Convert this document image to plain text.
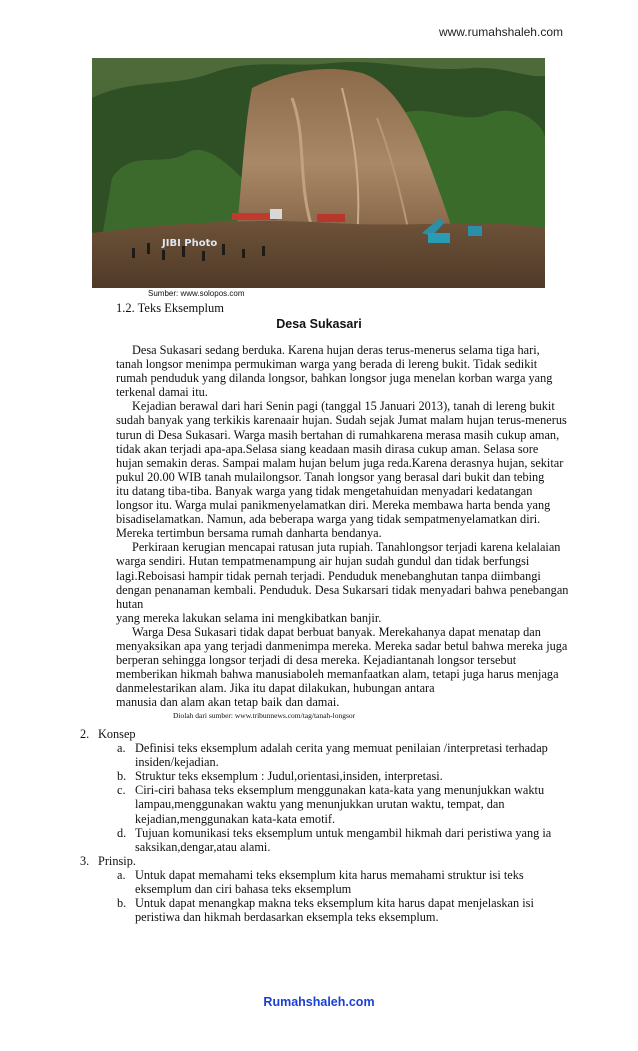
www.rumahshaleh.com
JIBI Photo
Sumber: www.solopos.com
1.2. Teks Eksemplum
Desa Sukasari
Desa Sukasari sedang berduka. Karena hujan deras terus-menerus selama tiga hari,
tanah longsor menimpa permukiman warga yang berada di lereng bukit. Tidak sedikit
rumah penduduk yang dilanda longsor, bahkan longsor juga menelan korban warga yang
terkenal damai itu.
Kejadian berawal dari hari Senin pagi (tanggal 15 Januari 2013), tanah di lereng bukit
sudah banyak yang terkikis karenaair hujan. Sudah sejak Jumat malam hujan terus-menerus
turun di Desa Sukasari. Warga masih bertahan di rumahkarena merasa masih cukup aman,
tidak akan terjadi apa-apa.Selasa siang keadaan masih dirasa cukup aman. Selasa sore
hujan semakin deras. Sampai malam hujan belum juga reda.Karena derasnya hujan, sekitar
pukul 20.00 WIB tanah mulailongsor. Tanah longsor yang berasal dari bukit dan tebing
itu datang tiba-tiba. Banyak warga yang tidak mengetahuidan menyadari kedatangan
longsor itu. Warga mulai panikmenyelamatkan diri. Mereka membawa harta benda yang
bisadiselamatkan. Namun, ada beberapa warga yang tidak sempatmenyelamatkan diri.
Mereka tertimbun bersama rumah danharta bendanya.
Perkiraan kerugian mencapai ratusan juta rupiah. Tanahlongsor terjadi karena kelalaian
warga sendiri. Hutan tempatmenampung air hujan sudah gundul dan tidak berfungsi
lagi.Reboisasi hampir tidak pernah terjadi. Penduduk menebanghutan tanpa diimbangi
dengan penanaman kembali. Penduduk. Desa Sukarsari tidak menyadari bahwa penebangan
hutan
yang mereka lakukan selama ini mengkibatkan banjir.
Warga Desa Sukasari tidak dapat berbuat banyak. Merekahanya dapat menatap dan
menyaksikan apa yang terjadi danmenimpa mereka. Mereka sadar betul bahwa mereka juga
berperan sehingga longsor terjadi di desa mereka. Kejadiantanah longsor tersebut
memberikan hikmah bahwa manusiaboleh memanfaatkan alam, tetapi juga harus menjaga
danmelestarikan alam. Jika itu dapat dilakukan, hubungan antara
manusia dan alam akan tetap baik dan damai.
Diolah dari sumber: www.tribunnews.com/tag/tanah-longsor
2. Konsep
a. Definisi teks eksemplum adalah cerita yang memuat penilaian /interpretasi terhadap
insiden/kejadian.
b. Struktur teks eksemplum : Judul,orientasi,insiden, interpretasi.
c. Ciri-ciri bahasa teks eksemplum menggunakan kata-kata yang menunjukkan waktu
lampau,menggunakan waktu yang menunjukkan urutan waktu, tempat, dan
kejadian,menggunakan kata-kata emotif.
d. Tujuan komunikasi teks eksemplum untuk mengambil hikmah dari peristiwa yang ia
saksikan,dengar,atau alami.
3. Prinsip.
a. Untuk dapat memahami teks eksemplum kita harus memahami struktur isi teks
eksemplum dan ciri bahasa teks eksemplum
b. Untuk dapat menangkap makna teks eksemplum kita harus dapat menjelaskan isi
peristiwa dan hikmah berdasarkan eksempla teks eksemplum.
Rumahshaleh.com
